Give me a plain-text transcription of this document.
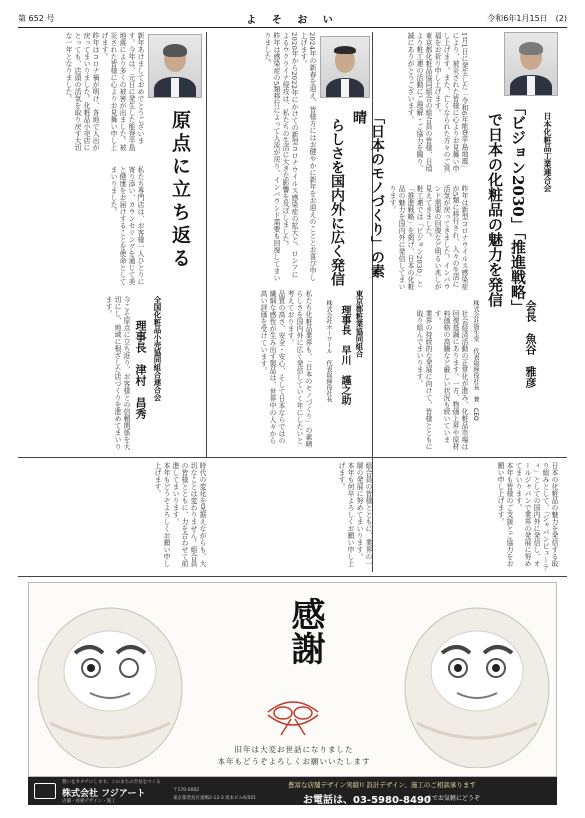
第 652 号	よ そ お い	令和6年1月15日　(2)
「ビジョン2030」「推進戦略」
で日本の化粧品の魅力を発信	日本化粧品工業連合会
会長　魚谷　雅彦
株式会社資生堂　代表取締役社長　兼　CEO

1月1日に発生した「令和6年能登半島地震」により、被災された皆様に心よりお見舞い申し上げます。また、亡くなられた方々のご冥福をお祈り申し上げます。

東京都化粧品協同組合の組合員の皆様、日頃より粧工連の活動にご理解・ご協力を賜り、誠にありがとうございます。

昨年は新型コロナウイルス感染症が5類に移行され、人々の生活に活気が戻ってきました。インバウンド需要の回復など明るい兆しが見えてきました。

粧工連では「ビジョン2030」と「推進戦略」を掲げ、日本の化粧品の魅力を国内外に発信してまいります。

社会経済活動の正常化が進み、化粧品市場は回復基調にあります。一方、物価上昇や原材料価格の高騰など厳しい状況も続いています。

業界の持続的な発展に向けて、皆様とともに取り組んでまいります。

日本の化粧品の魅力を発信する取り組みとして、「ジャパンビューティ」としての国内外に発信し、オールジャパンで業界の発展に努めてまいります。

本年も皆様のご支援とご協力をお願い申し上げます。

「日本のモノづくり」の素晴
らしさを国内外に広く発信
東京都粧業協同組合
理事長　早川　謹之助
株式会社ホーワール　代表取締役社長

2024年の新春を迎え、皆様方にはお健やかに新年をお迎えのこととお喜び申し上げます。

2020年から2022年にかけての新型コロナウイルス感染症の拡大と、ロシアによるウクライナ侵攻は、私たちの生活に大きな影響を及ぼしました。

昨年は感染症の5類移行によって人流が戻り、インバウンド需要も回復してまいりました。

私たち化粧品業界も、「日本のモノづくり」の素晴らしさを国内外に広く発信していく年にしたいと考えております。

品質の高さ、安全・安心、そして日本ならではの繊細な感性が生み出す製品は、世界中の人々から高い評価を受けています。

組合員の皆様とともに、業界の一層の発展に努めてまいります。

本年も何卒よろしくお願い申し上げます。

原点に立ち返る
全国化粧品小売協同組合連合会
理事長　津村　昌秀

新年あけましておめでとうございます。今年は、元日に発生した能登半島地震により多くの被害が出ました。被災された皆様に心よりお見舞い申し上げます。

昨年はコロナ禍が明け、各地で人出が戻ってまいりました。化粧品小売店にとっても、店頭の活気を取り戻す大切な一年となりました。

私たち専門店は、お客様一人ひとりに寄り添い、カウンセリングを通じて美と健康をお届けすることを使命としてまいりました。

今こそ原点に立ち返り、お客様との信頼関係を大切にし、地域に根ざした店づくりを進めてまいります。

時代の変化を見据えながらも、大切なことは変わりません。組合員の皆様とともに、力を合わせて前進してまいります。

本年もどうぞよろしくお願い申し上げます。

感謝
旧年は大変お世話になりました
本年もどうぞよろしくお願いいたします
想いをカタチにします。このまちの空気をつくる
株式会社 フジアート
店舗・看板デザイン・施工
〒170-0002
東京都豊島区巣鴨2-12-3 坂本ビル6/501
豊富な店舗デザイン実績!! 設計デザイン、施工のご相談承ります
お電話は、03-5980-8490
までお気軽にどうぞ
